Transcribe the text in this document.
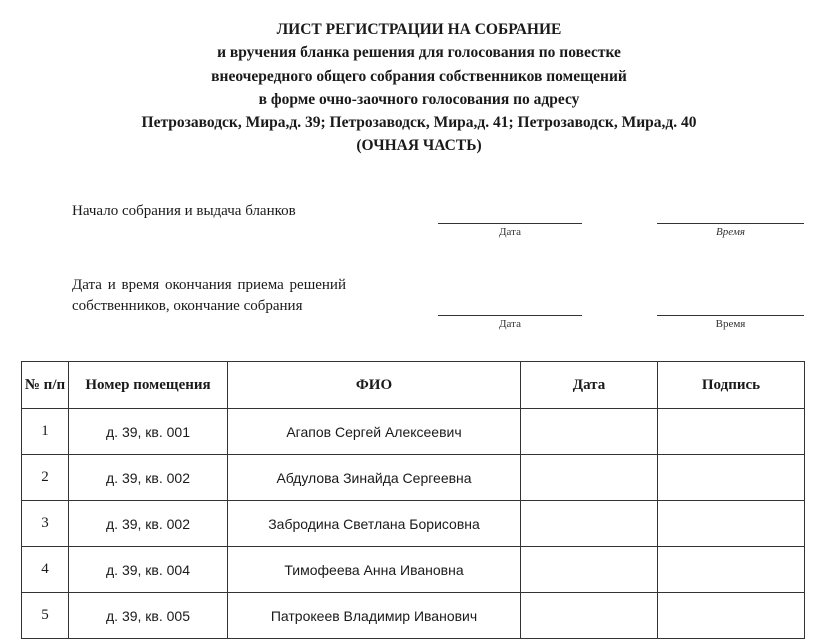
ЛИСТ РЕГИСТРАЦИИ НА СОБРАНИЕ
и вручения бланка решения для голосования по повестке
внеочередного общего собрания собственников помещений
в форме очно-заочного голосования по адресу
Петрозаводск, Мира,д. 39; Петрозаводск, Мира,д. 41; Петрозаводск, Мира,д. 40
(ОЧНАЯ ЧАСТЬ)
Начало собрания и выдача бланков
Дата	Время
Дата и время окончания приема решений собственников, окончание собрания
Дата	Время
№ п/п	Номер помещения	ФИО	Дата	Подпись
1	д. 39, кв. 001	Агапов Сергей Алексеевич		
2	д. 39, кв. 002	Абдулова Зинайда Сергеевна		
3	д. 39, кв. 002	Забродина Светлана Борисовна		
4	д. 39, кв. 004	Тимофеева Анна Ивановна		
5	д. 39, кв. 005	Патрокеев Владимир Иванович		
